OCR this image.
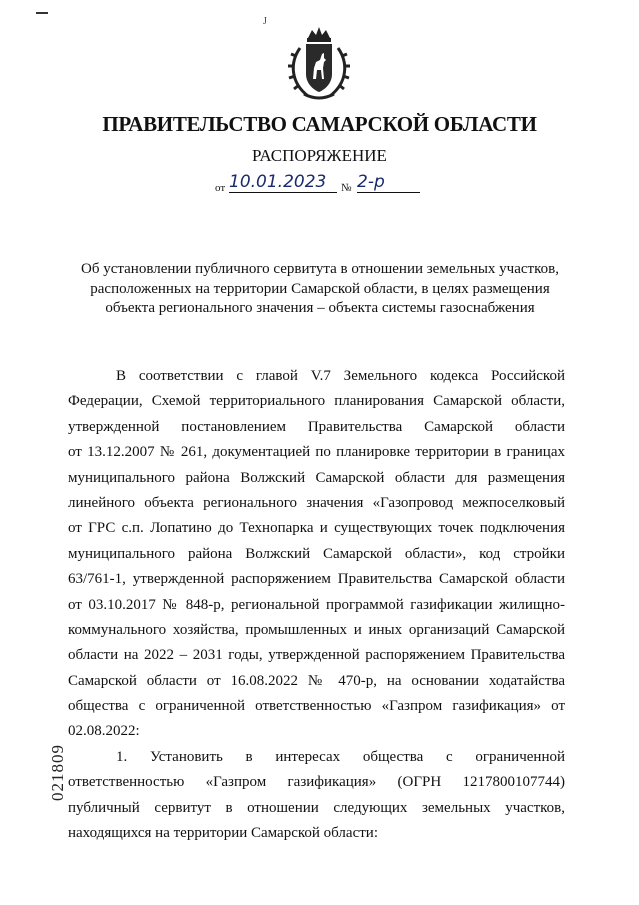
J
ПРАВИТЕЛЬСТВО САМАРСКОЙ ОБЛАСТИ
РАСПОРЯЖЕНИЕ
от 10.01.2023	№ 2-р
Об установлении публичного сервитута в отношении земельных участков,
расположенных на территории Самарской области, в целях размещения
объекта регионального значения – объекта системы газоснабжения
В соответствии с главой V.7 Земельного кодекса Российской
Федерации, Схемой территориального планирования Самарской области,
утвержденной постановлением Правительства Самарской области
от 13.12.2007 № 261, документацией по планировке территории в границах
муниципального района Волжский Самарской области для размещения
линейного объекта регионального значения «Газопровод межпоселковый
от ГРС с.п. Лопатино до Технопарка и существующих точек подключения
муниципального района Волжский Самарской области», код стройки
63/761-1, утвержденной распоряжением Правительства Самарской области
от 03.10.2017 № 848-р, региональной программой газификации жилищно-
коммунального хозяйства, промышленных и иных организаций Самарской
области на 2022 – 2031 годы, утвержденной распоряжением Правительства
Самарской области от 16.08.2022 № 470-р, на основании ходатайства
общества с ограниченной ответственностью «Газпром газификация» от
02.08.2022:
1. Установить в интересах общества с ограниченной
ответственностью «Газпром газификация» (ОГРН 1217800107744)
публичный сервитут в отношении следующих земельных участков,
находящихся на территории Самарской области:
021809
